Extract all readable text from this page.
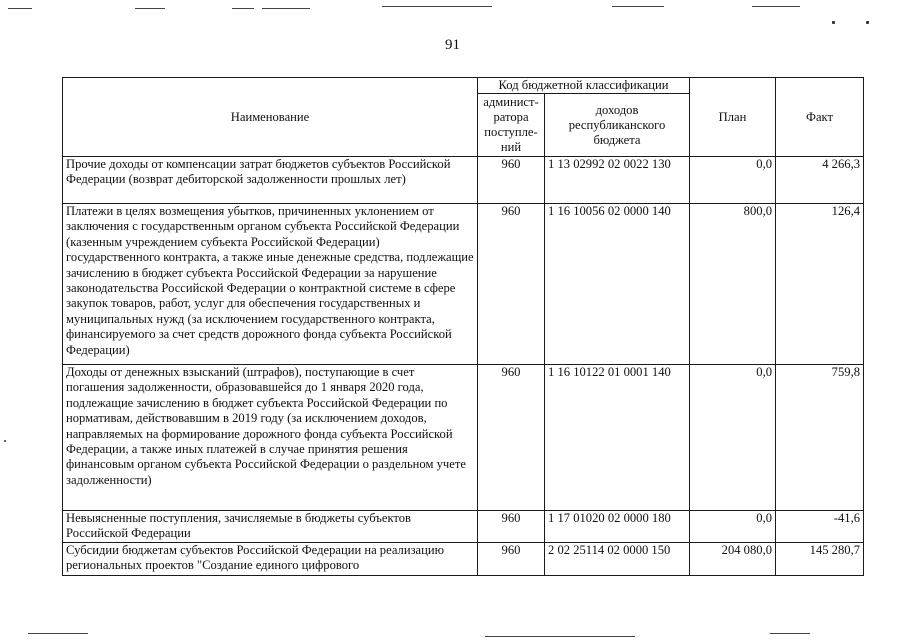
91
Наименование	Код бюджетной классификации		План	Факт
	админист-ратора поступле-ний	доходов республиканского бюджета		
Прочие доходы от компенсации затрат бюджетов субъектов Российской Федерации (возврат дебиторской задолженности прошлых лет)	960	1 13 02992 02 0022 130	0,0	4 266,3
Платежи в целях возмещения убытков, причиненных уклонением от заключения с государственным органом субъекта Российской Федерации (казенным учреждением субъекта Российской Федерации) государственного контракта, а также иные денежные средства, подлежащие зачислению в бюджет субъекта Российской Федерации за нарушение законодательства Российской Федерации о контрактной системе в сфере закупок товаров, работ, услуг для обеспечения государственных и муниципальных нужд (за исключением государственного контракта, финансируемого за счет средств дорожного фонда субъекта Российской Федерации)	960	1 16 10056 02 0000 140	800,0	126,4
Доходы от денежных взысканий (штрафов), поступающие в счет погашения задолженности, образовавшейся до 1 января 2020 года, подлежащие зачислению в бюджет субъекта Российской Федерации по нормативам, действовавшим в 2019 году (за исключением доходов, направляемых на формирование дорожного фонда субъекта Российской Федерации, а также иных платежей в случае принятия решения финансовым органом субъекта Российской Федерации о раздельном учете задолженности)	960	1 16 10122 01 0001 140	0,0	759,8
Невыясненные поступления, зачисляемые в бюджеты субъектов Российской Федерации	960	1 17 01020 02 0000 180	0,0	-41,6
Субсидии бюджетам субъектов Российской Федерации на реализацию региональных проектов "Создание единого цифрового	960	2 02 25114 02 0000 150	204 080,0	145 280,7
